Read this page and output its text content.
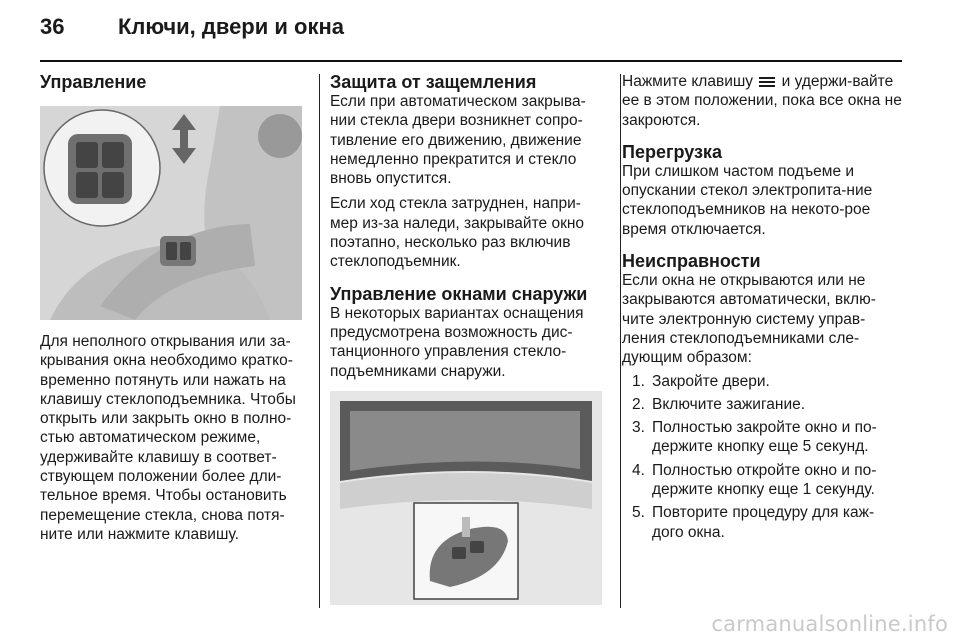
36 Ключи, двери и окна
Управление

Для неполного открывания или за-крывания окна необходимо кратко-временно потянуть или нажать на клавишу стеклоподъемника. Чтобы открыть или закрыть окно в полно-стью автоматическом режиме, удерживайте клавишу в соответ-ствующем положении более дли-тельное время. Чтобы остановить перемещение стекла, снова потя-ните или нажмите клавишу.

Защита от защемления

Если при автоматическом закрыва-нии стекла двери возникнет сопро-тивление его движению, движение немедленно прекратится и стекло вновь опустится.

Если ход стекла затруднен, напри-мер из-за наледи, закрывайте окно поэтапно, несколько раз включив стеклоподъемник.

Управление окнами снаружи

В некоторых вариантах оснащения предусмотрена возможность дис-танционного управления стекло-подъемниками снаружи.

Нажмите клавишу и удержи-вайте ее в этом положении, пока все окна не закроются.

Перегрузка

При слишком частом подъеме и опускании стекол электропита-ние стеклоподъемников на некото-рое время отключается.

Неисправности

Если окна не открываются или не закрываются автоматически, вклю-чите электронную систему управ-ления стеклоподъемниками сле-дующим образом:

1. Закройте двери.
2. Включите зажигание.
3. Полностью закройте окно и по-держите кнопку еще 5 секунд.
4. Полностью откройте окно и по-держите кнопку еще 1 секунду.
5. Повторите процедуру для каж-дого окна.
carmanualsonline.info
